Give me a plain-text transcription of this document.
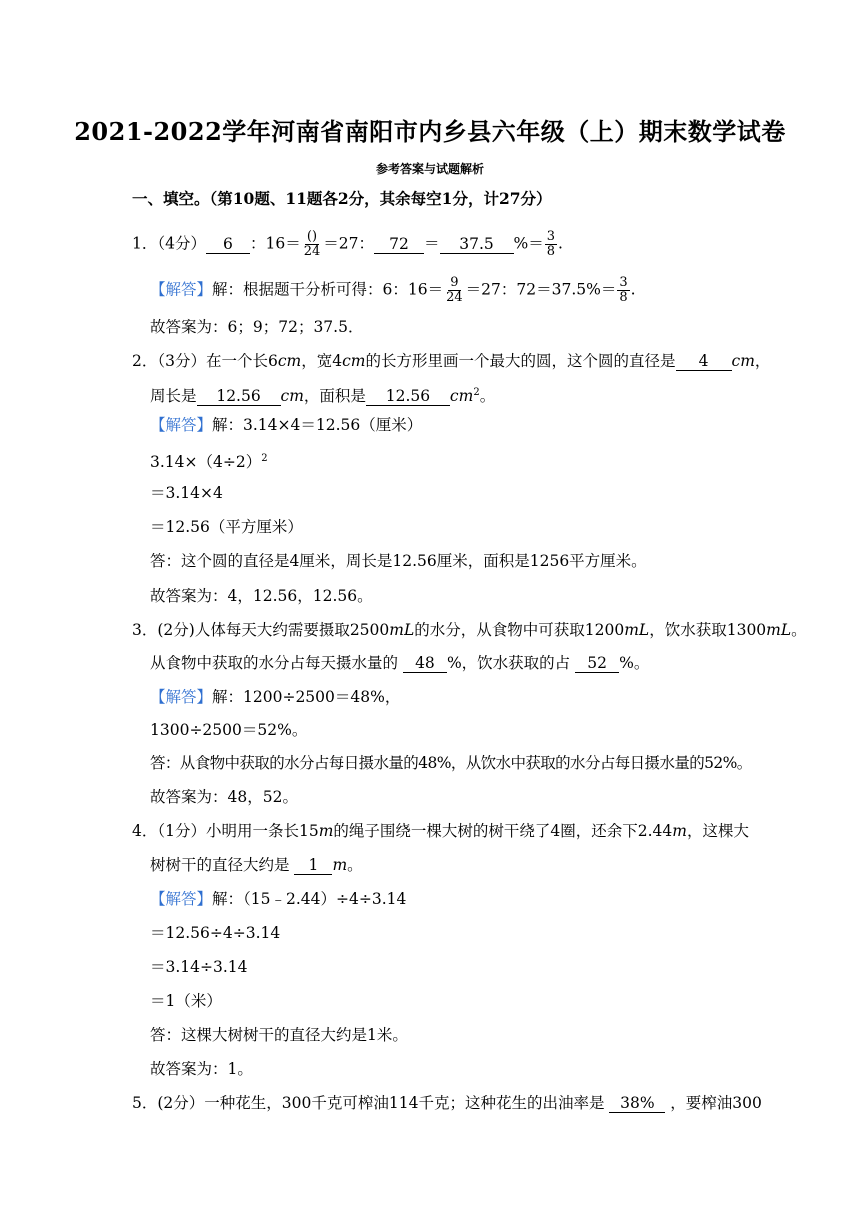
2021-2022学年河南省南阳市内乡县六年级（上）期末数学试卷
参考答案与试题解析
一、填空。（第10题、11题各2分，其余每空1分，计27分）
1．（4分） 6 ：$16= \frac{()}{24} =27$： 72 ＝ 37.5 %＝ $\frac{3}{8}$ .
【解答】解：根据题干分析可得：6：$16= \frac{9}{24} =27$：$72=37.5\%= \frac{3}{8}$ .
故答案为：6；9；72；37.5．
2．（3分）在一个长6cm，宽4cm的长方形里画一个最大的圆，这个圆的直径是 4 cm，
周长是 12.56 cm，面积是 12.56 $cm^2$。
【解答】解：3.14×4＝12.56（厘米）
$3.14\times(4\div 2)^2$
＝3.14×4
＝12.56（平方厘米）
答：这个圆的直径是4厘米，周长是12.56厘米，面积是1256平方厘米。
故答案为：4，12.56，12.56。
3．(2分)人体每天大约需要摄取2500mL的水分，从食物中可获取1200mL，饮水获取1300mL。
从食物中获取的水分占每天摄水量的 48 %，饮水获取的占 52 %。
【解答】解：1200÷2500＝48%，
1300÷2500＝52%。
答：从食物中获取的水分占每日摄水量的48%，从饮水中获取的水分占每日摄水量的52%。
故答案为：48，52。
4．（1分）小明用一条长15m的绳子围绕一棵大树的树干绕了4圈，还余下2.44m，这棵大
树树干的直径大约是 1 m。
【解答】解：（15﹣2.44）÷4÷3.14
＝12.56÷4÷3.14
＝3.14÷3.14
＝1（米）
答：这棵大树树干的直径大约是1米。
故答案为：1。
5．(2分）一种花生，300千克可榨油114千克；这种花生的出油率是 38% ，要榨油300
